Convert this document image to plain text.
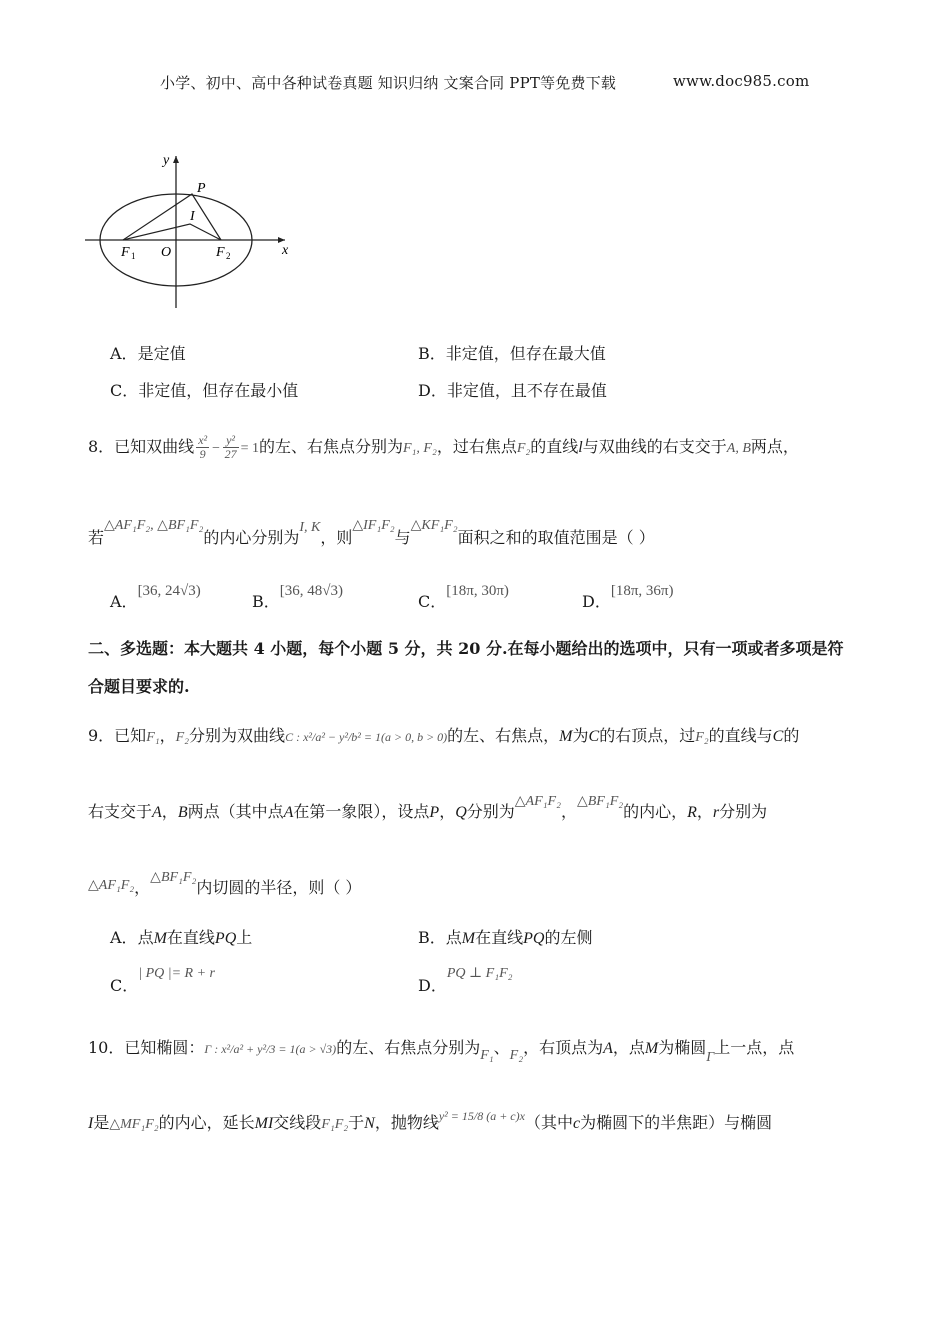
小学、初中、高中各种试卷真题 知识归纳 文案合同 PPT等免费下载	www.doc985.com
y
x
P
I
F 1 O	F 2
A．是定值	B．非定值，但存在最大值
C．非定值，但存在最小值	D．非定值，且不存在最值
8．已知双曲线 $\frac{\text{x²}}{9} - \frac{\text{y²}}{27} = 1$的左、右焦点分别为F₁, F₂，过右焦点F₂的直线l与双曲线的右支交于A, B两点，
若△AF₁F₂, △BF₁F₂的内心分别为I, K，则△IF₁F₂与△KF₁F₂面积之和的取值范围是（ ）
A．[36, 24√3)
B．[36, 48√3)
C．[18π, 30π)
D．[18π, 36π)
二、多选题：本大题共 4 小题，每个小题 5 分，共 20 分.在每小题给出的选项中，只有一项或者多项是符
合题目要求的.
9．已知F₁，F₂分别为双曲线C : x²/a² − y²/b² = 1(a > 0, b > 0)的左、右焦点，M为C的右顶点，过F₂的直线与C的
右支交于A，B两点（其中点A在第一象限），设点P，Q分别为△AF₁F₂，△BF₁F₂的内心，R，r分别为
△AF₁F₂，△BF₁F₂内切圆的半径，则（ ）
A．点M在直线PQ上	B．点M在直线PQ的左侧
C．| PQ |= R + r
D．PQ ⊥ F₁F₂
10．已知椭圆：Γ : x²/a² + y²/3 = 1(a > √3)的左、右焦点分别为F₁、F₂，右顶点为A，点M为椭圆Γ上一点，点
I是△MF₁F₂的内心，延长MI交线段F₁F₂于N，抛物线$^{y^2 = 15/8 (a + c)x}$（其中c为椭圆下的半焦距）与椭圆
